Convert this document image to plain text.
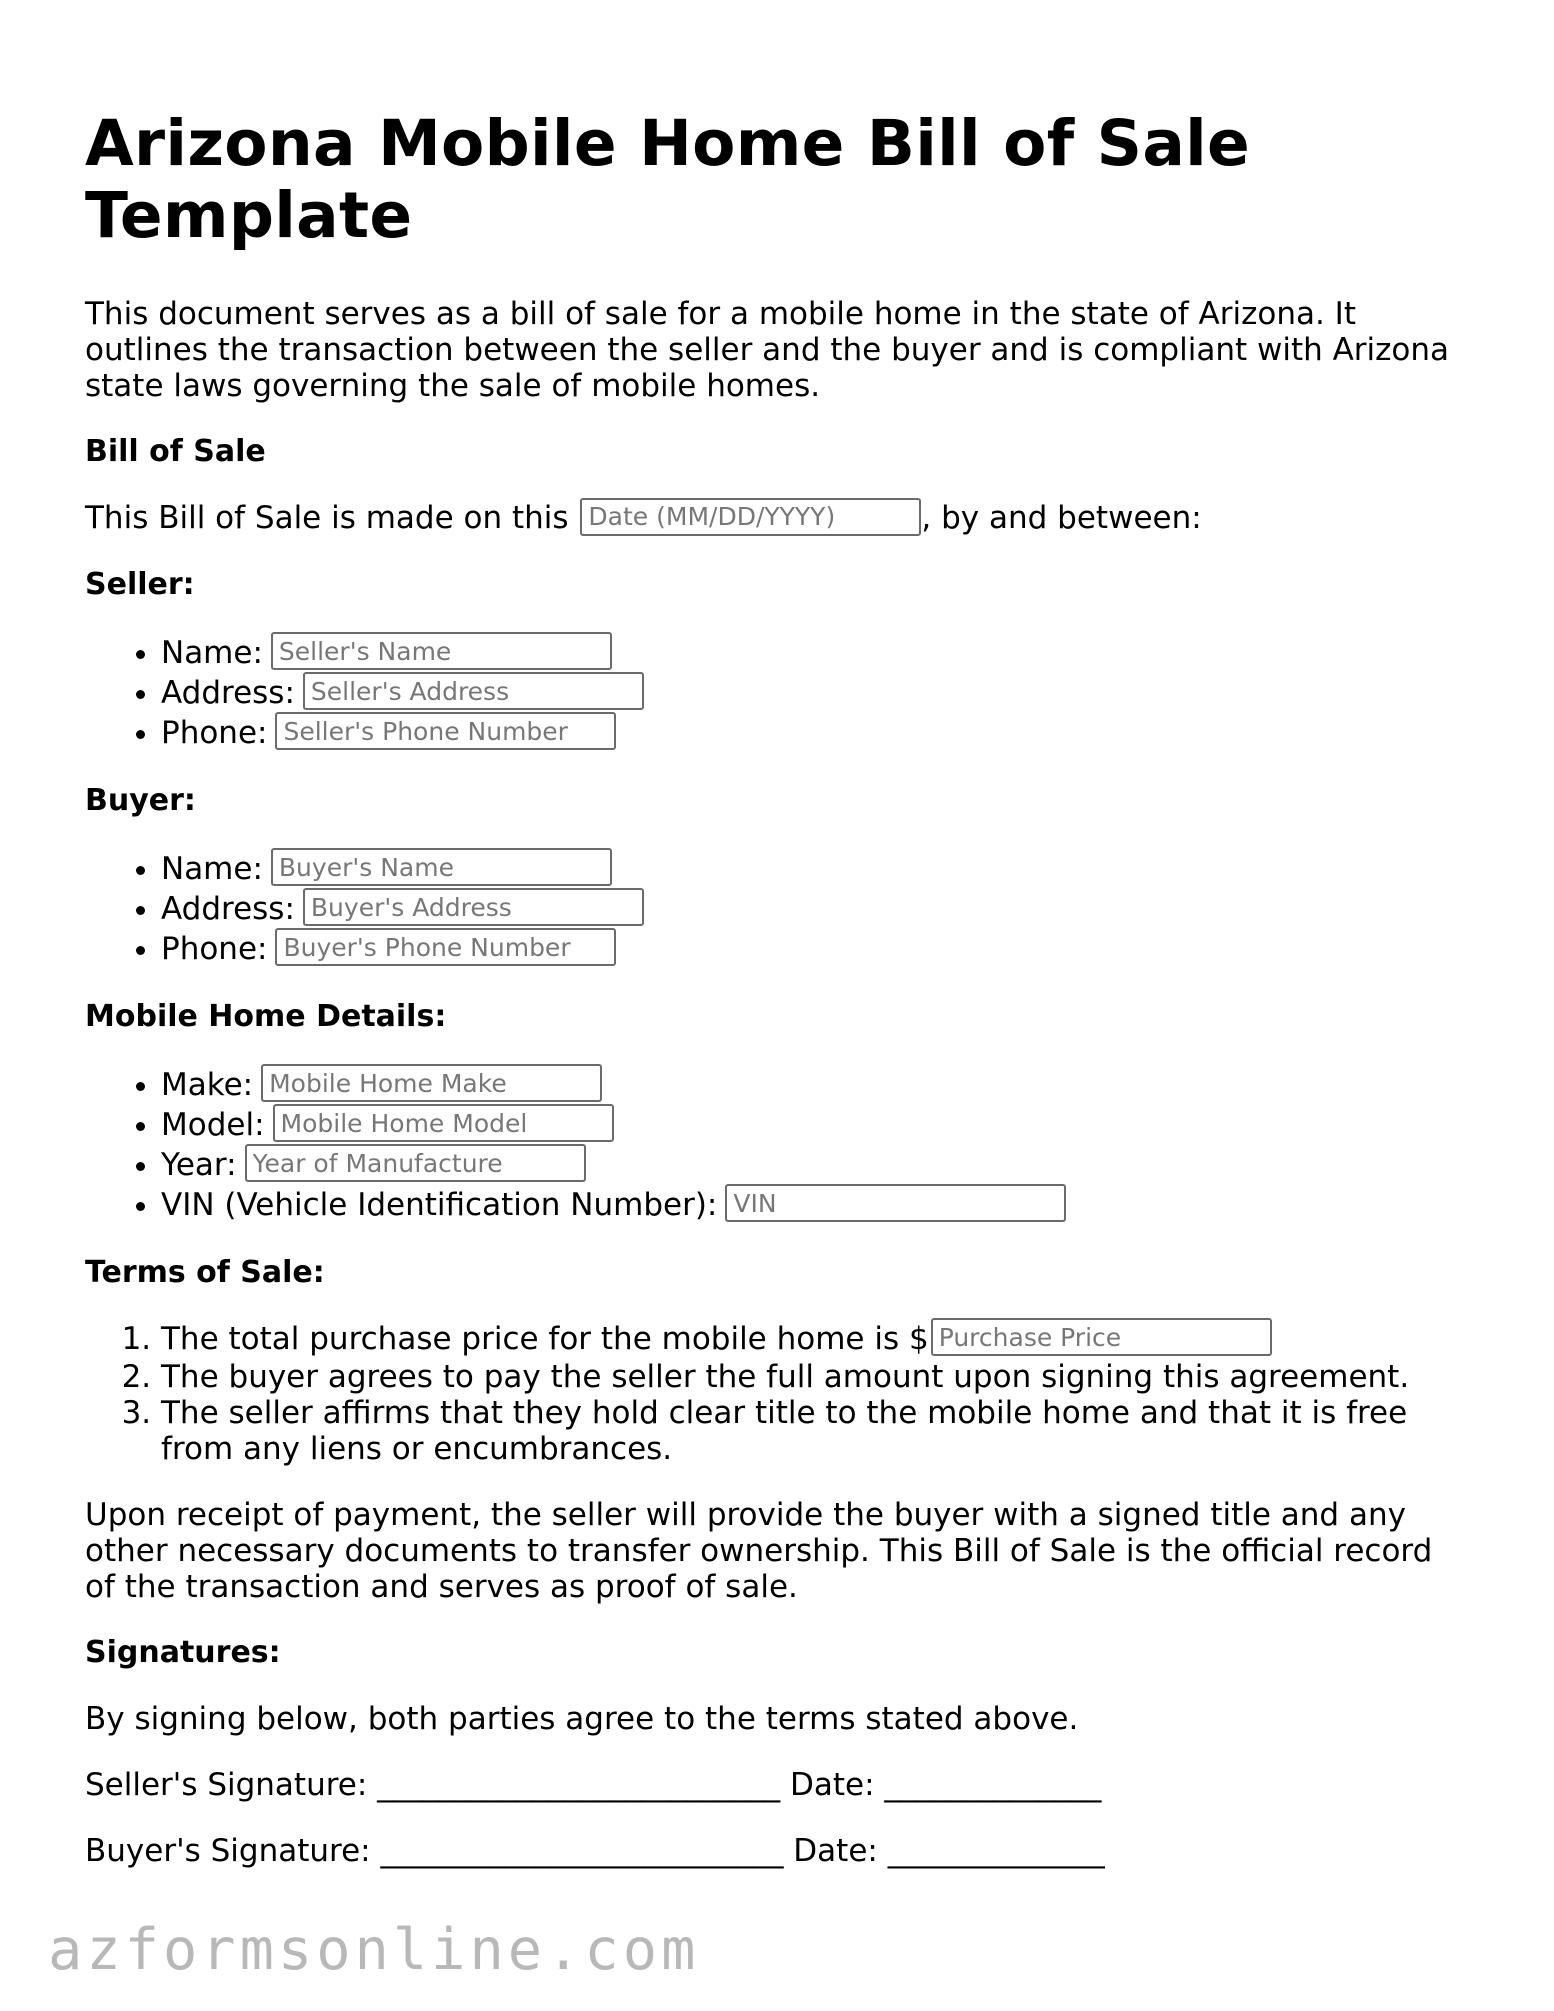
Arizona Mobile Home Bill of Sale Template

This document serves as a bill of sale for a mobile home in the state of Arizona. It outlines the transaction between the seller and the buyer and is compliant with Arizona state laws governing the sale of mobile homes.

Bill of Sale
This Bill of Sale is made on this Date (MM/DD/YYYY)	, by and between:
Seller:
• Name:Seller's Name
• Address:Seller's Address
• Phone:Seller's Phone Number
Buyer:
• Name:Buyer's Name
• Address:Buyer's Address
• Phone:Buyer's Phone Number
Mobile Home Details:
• Make:Mobile Home Make
• Model:Mobile Home Model
• Year:Year of Manufacture
• VIN (Vehicle Identification Number):VIN
Terms of Sale:
1. The total purchase price for the mobile home is $Purchase Price
2. The buyer agrees to pay the seller the full amount upon signing this agreement.
3. The seller affirms that they hold clear title to the mobile home and that it is free from any liens or encumbrances.

Upon receipt of payment, the seller will provide the buyer with a signed title and any other necessary documents to transfer ownership. This Bill of Sale is the official record of the transaction and serves as proof of sale.

Signatures:

By signing below, both parties agree to the terms stated above.

Seller's Signature: __________________________ Date: ______________

Buyer's Signature: __________________________ Date: ______________

azformsonline.com
